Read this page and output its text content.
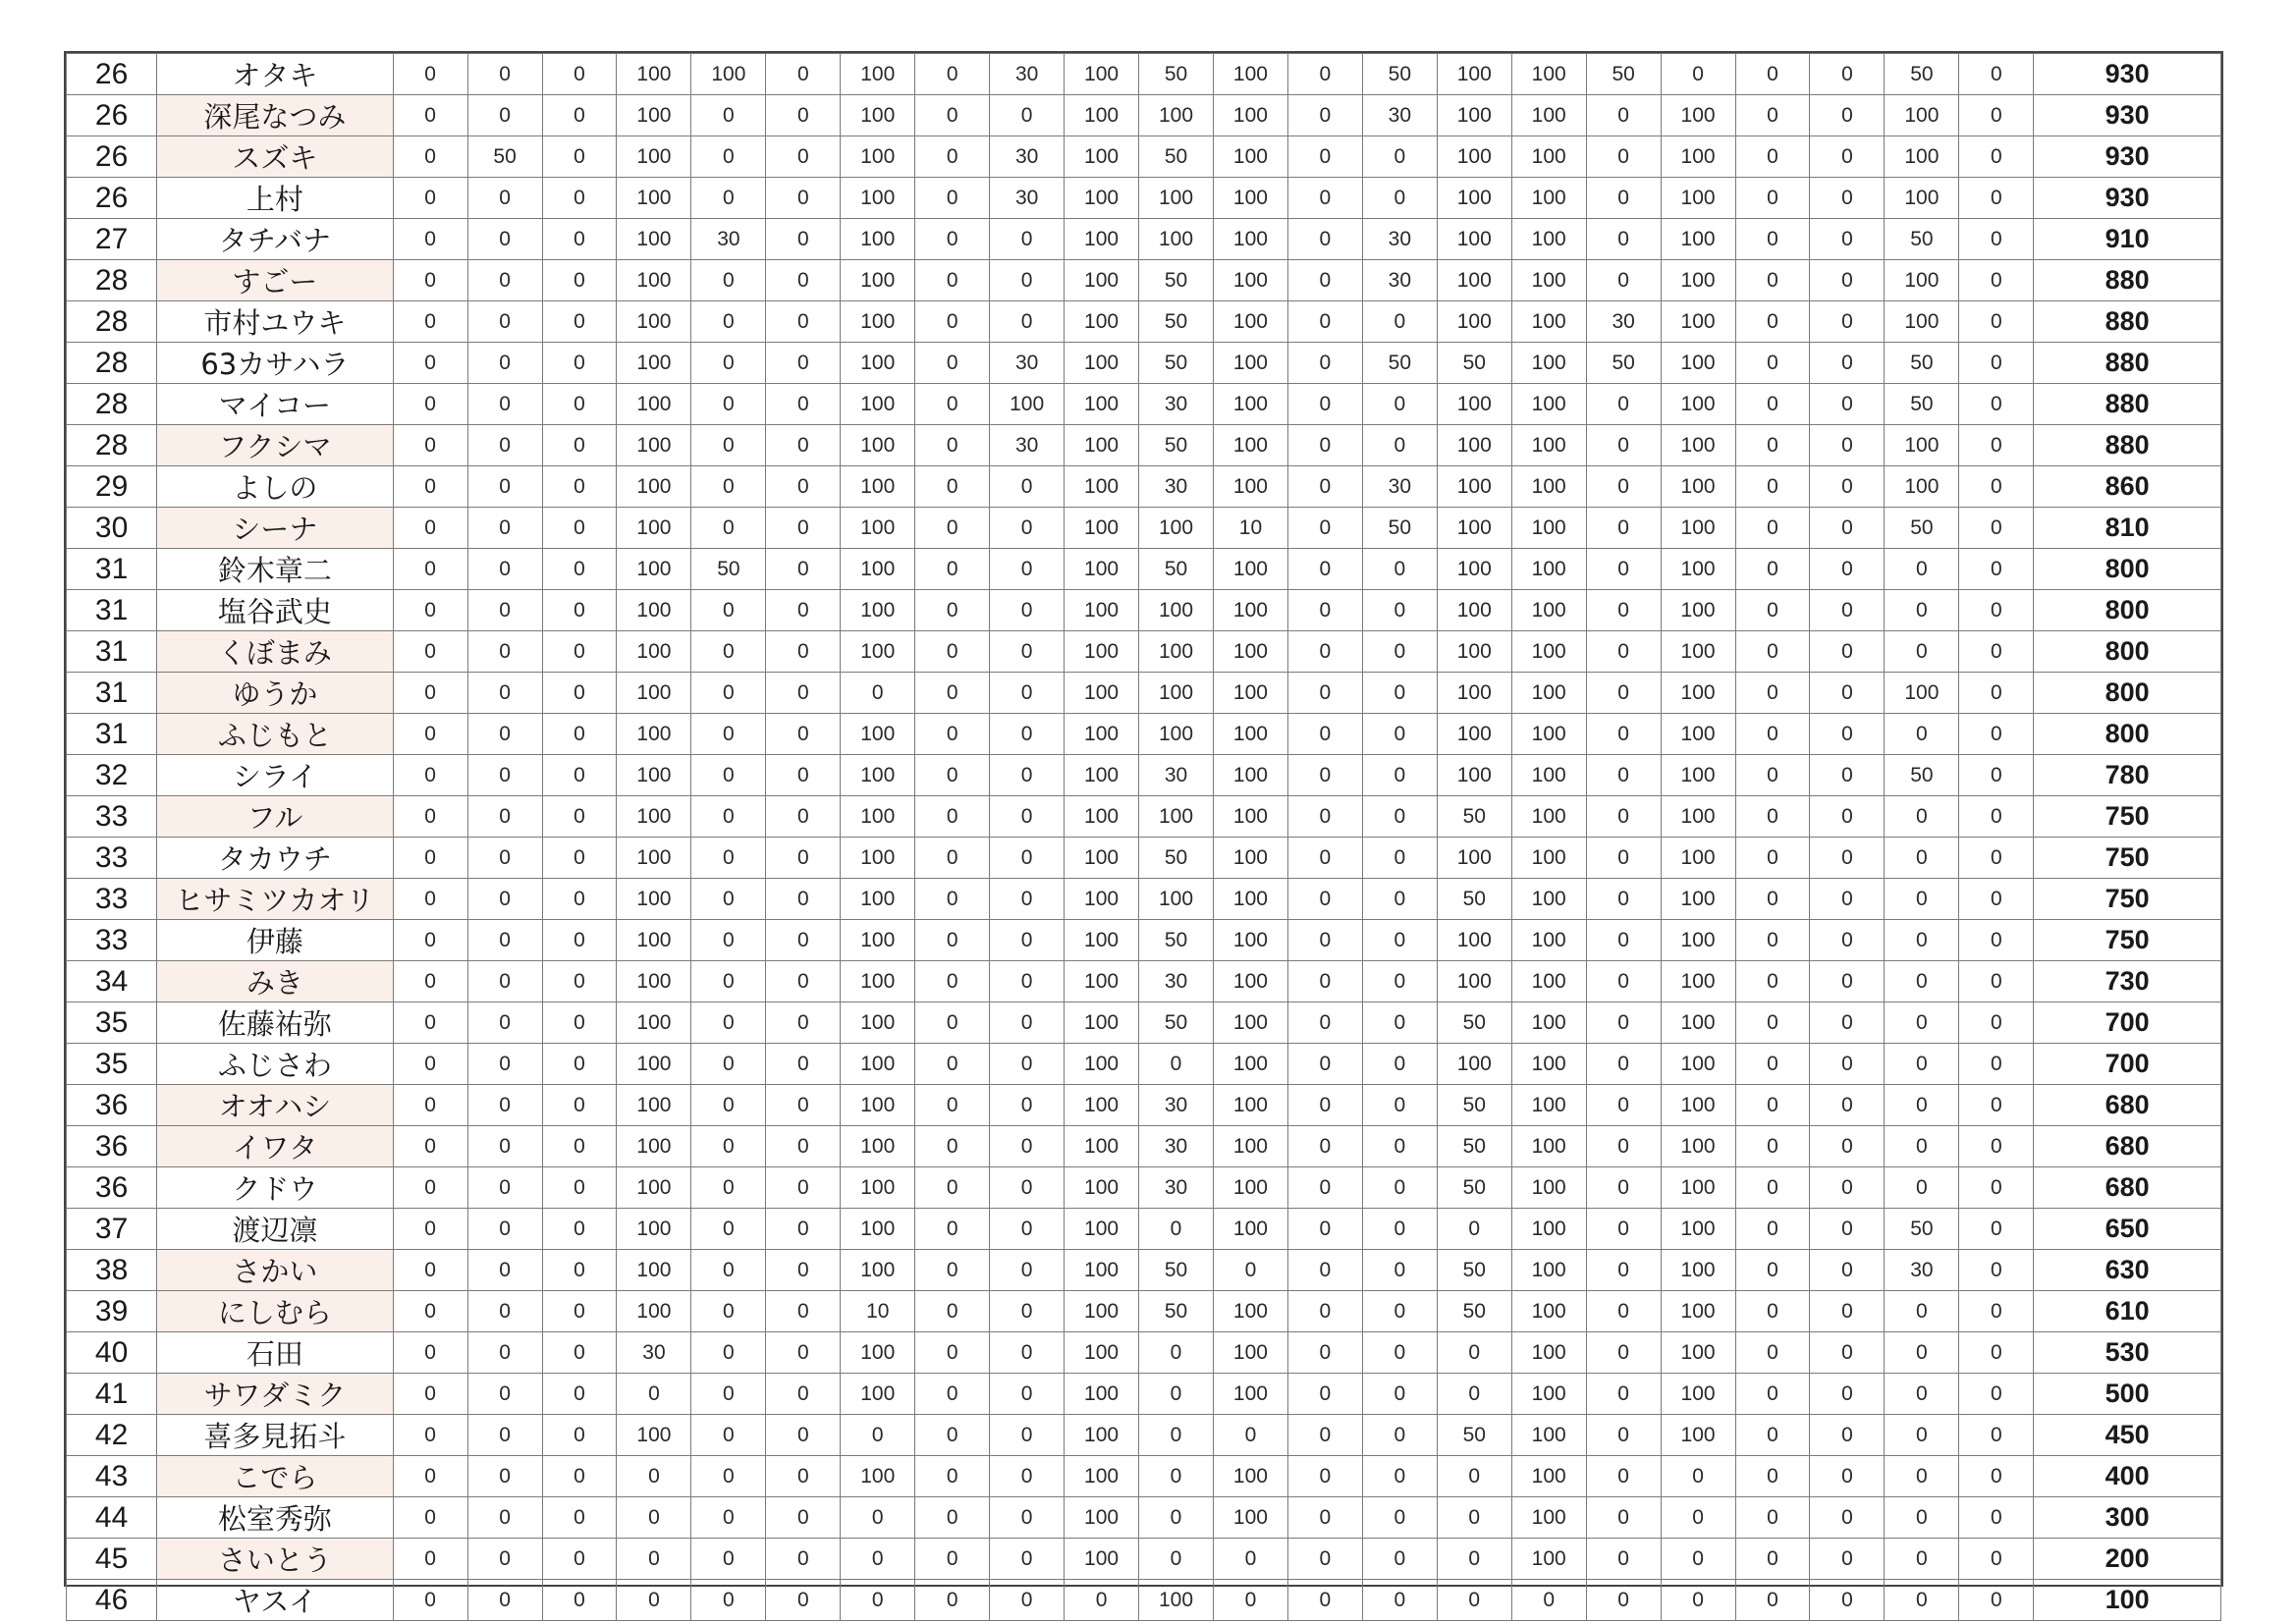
26	オタキ	0	0	0	100	100	0	100	0	30	100	50	100	0	50	100	100	50	0	0	0	50	0	930
26	深尾なつみ	0	0	0	100	0	0	100	0	0	100	100	100	0	30	100	100	0	100	0	0	100	0	930
26	スズキ	0	50	0	100	0	0	100	0	30	100	50	100	0	0	100	100	0	100	0	0	100	0	930
26	上村	0	0	0	100	0	0	100	0	30	100	100	100	0	0	100	100	0	100	0	0	100	0	930
27	タチバナ	0	0	0	100	30	0	100	0	0	100	100	100	0	30	100	100	0	100	0	0	50	0	910
28	すごー	0	0	0	100	0	0	100	0	0	100	50	100	0	30	100	100	0	100	0	0	100	0	880
28	市村ユウキ	0	0	0	100	0	0	100	0	0	100	50	100	0	0	100	100	30	100	0	0	100	0	880
28	63カサハラ	0	0	0	100	0	0	100	0	30	100	50	100	0	50	50	100	50	100	0	0	50	0	880
28	マイコー	0	0	0	100	0	0	100	0	100	100	30	100	0	0	100	100	0	100	0	0	50	0	880
28	フクシマ	0	0	0	100	0	0	100	0	30	100	50	100	0	0	100	100	0	100	0	0	100	0	880
29	よしの	0	0	0	100	0	0	100	0	0	100	30	100	0	30	100	100	0	100	0	0	100	0	860
30	シーナ	0	0	0	100	0	0	100	0	0	100	100	10	0	50	100	100	0	100	0	0	50	0	810
31	鈴木章二	0	0	0	100	50	0	100	0	0	100	50	100	0	0	100	100	0	100	0	0	0	0	800
31	塩谷武史	0	0	0	100	0	0	100	0	0	100	100	100	0	0	100	100	0	100	0	0	0	0	800
31	くぼまみ	0	0	0	100	0	0	100	0	0	100	100	100	0	0	100	100	0	100	0	0	0	0	800
31	ゆうか	0	0	0	100	0	0	0	0	0	100	100	100	0	0	100	100	0	100	0	0	100	0	800
31	ふじもと	0	0	0	100	0	0	100	0	0	100	100	100	0	0	100	100	0	100	0	0	0	0	800
32	シライ	0	0	0	100	0	0	100	0	0	100	30	100	0	0	100	100	0	100	0	0	50	0	780
33	フル	0	0	0	100	0	0	100	0	0	100	100	100	0	0	50	100	0	100	0	0	0	0	750
33	タカウチ	0	0	0	100	0	0	100	0	0	100	50	100	0	0	100	100	0	100	0	0	0	0	750
33	ヒサミツカオリ	0	0	0	100	0	0	100	0	0	100	100	100	0	0	50	100	0	100	0	0	0	0	750
33	伊藤	0	0	0	100	0	0	100	0	0	100	50	100	0	0	100	100	0	100	0	0	0	0	750
34	みき	0	0	0	100	0	0	100	0	0	100	30	100	0	0	100	100	0	100	0	0	0	0	730
35	佐藤祐弥	0	0	0	100	0	0	100	0	0	100	50	100	0	0	50	100	0	100	0	0	0	0	700
35	ふじさわ	0	0	0	100	0	0	100	0	0	100	0	100	0	0	100	100	0	100	0	0	0	0	700
36	オオハシ	0	0	0	100	0	0	100	0	0	100	30	100	0	0	50	100	0	100	0	0	0	0	680
36	イワタ	0	0	0	100	0	0	100	0	0	100	30	100	0	0	50	100	0	100	0	0	0	0	680
36	クドウ	0	0	0	100	0	0	100	0	0	100	30	100	0	0	50	100	0	100	0	0	0	0	680
37	渡辺凛	0	0	0	100	0	0	100	0	0	100	0	100	0	0	0	100	0	100	0	0	50	0	650
38	さかい	0	0	0	100	0	0	100	0	0	100	50	0	0	0	50	100	0	100	0	0	30	0	630
39	にしむら	0	0	0	100	0	0	10	0	0	100	50	100	0	0	50	100	0	100	0	0	0	0	610
40	石田	0	0	0	30	0	0	100	0	0	100	0	100	0	0	0	100	0	100	0	0	0	0	530
41	サワダミク	0	0	0	0	0	0	100	0	0	100	0	100	0	0	0	100	0	100	0	0	0	0	500
42	喜多見拓斗	0	0	0	100	0	0	0	0	0	100	0	0	0	0	50	100	0	100	0	0	0	0	450
43	こでら	0	0	0	0	0	0	100	0	0	100	0	100	0	0	0	100	0	0	0	0	0	0	400
44	松室秀弥	0	0	0	0	0	0	0	0	0	100	0	100	0	0	0	100	0	0	0	0	0	0	300
45	さいとう	0	0	0	0	0	0	0	0	0	100	0	0	0	0	0	100	0	0	0	0	0	0	200
46	ヤスイ	0	0	0	0	0	0	0	0	0	0	100	0	0	0	0	0	0	0	0	0	0	0	100
